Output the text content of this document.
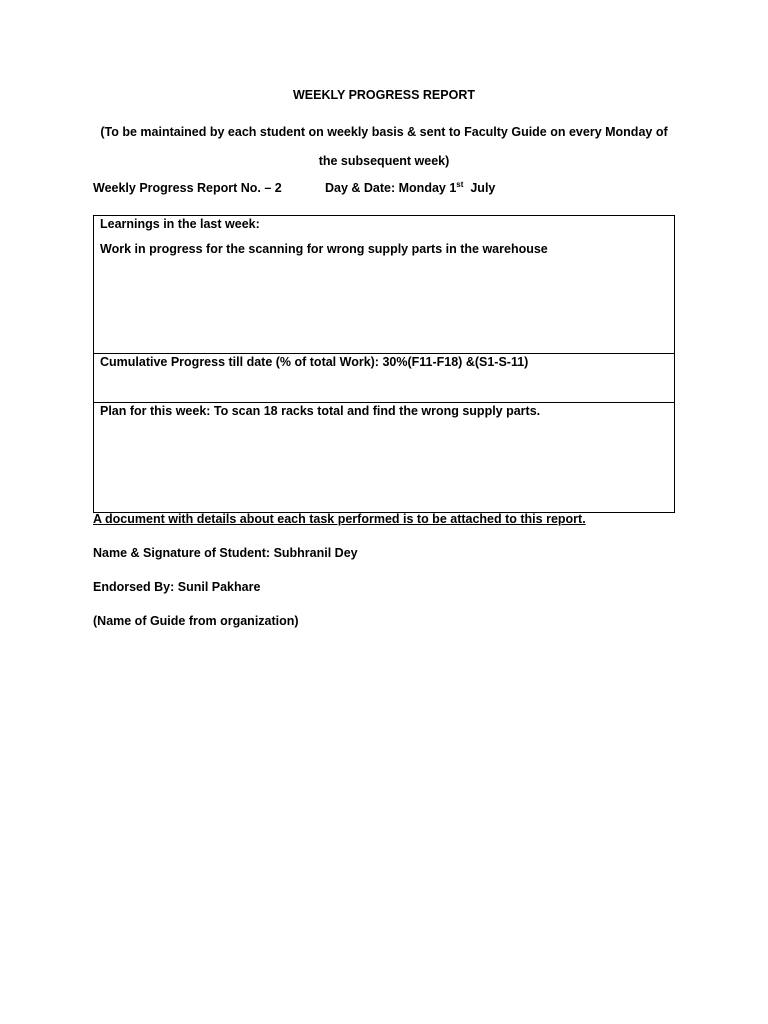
WEEKLY PROGRESS REPORT
(To be maintained by each student on weekly basis & sent to Faculty Guide on every Monday of the subsequent week)
Weekly Progress Report No. – 2	Day & Date: Monday 1st  July
Learnings in the last week:
Work in progress for the scanning for wrong supply parts in the warehouse
Cumulative Progress till date (% of total Work): 30%(F11-F18) &(S1-S-11)
Plan for this week: To scan 18 racks total and find the wrong supply parts.
A document with details about each task performed is to be attached to this report.
Name & Signature of Student: Subhranil Dey
Endorsed By: Sunil Pakhare
(Name of Guide from organization)
